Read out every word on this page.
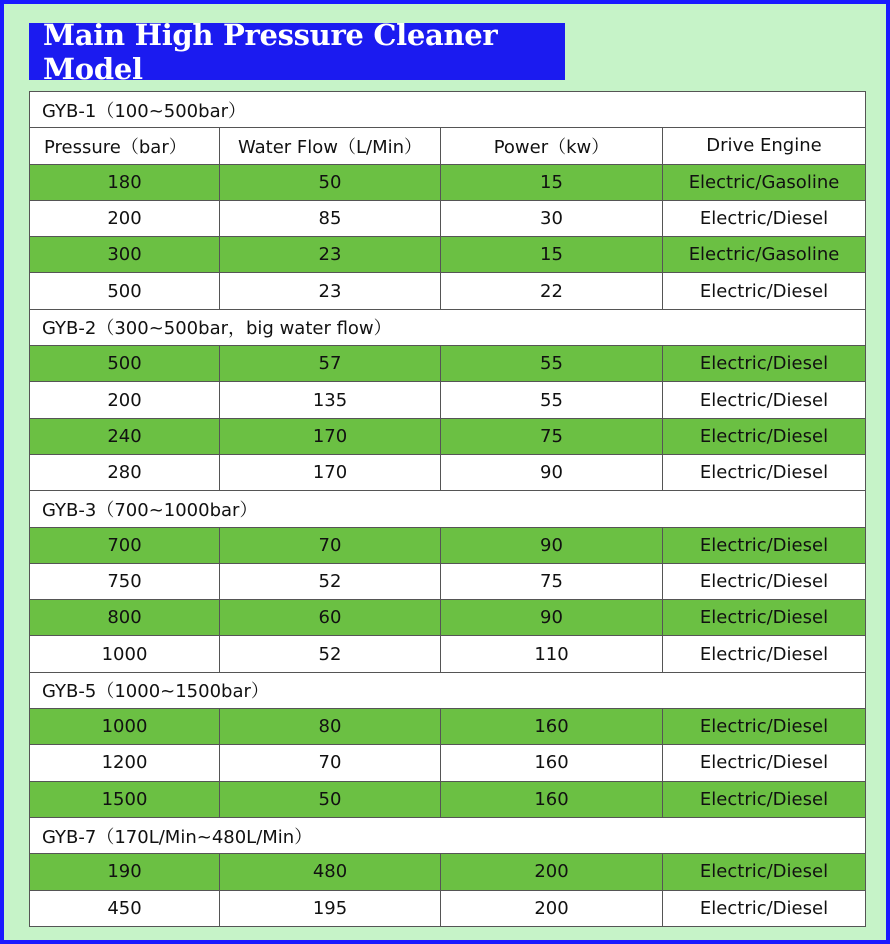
Main High Pressure Cleaner Model
GYB-1（100~500bar）			
Pressure（bar）	Water Flow（L/Min）	Power（kw）	Drive Engine
180	50	15	Electric/Gasoline
200	85	30	Electric/Diesel
300	23	15	Electric/Gasoline
500	23	22	Electric/Diesel
GYB-2（300~500bar，big water flow）			
500	57	55	Electric/Diesel
200	135	55	Electric/Diesel
240	170	75	Electric/Diesel
280	170	90	Electric/Diesel
GYB-3（700~1000bar）			
700	70	90	Electric/Diesel
750	52	75	Electric/Diesel
800	60	90	Electric/Diesel
1000	52	110	Electric/Diesel
GYB-5（1000~1500bar）			
1000	80	160	Electric/Diesel
1200	70	160	Electric/Diesel
1500	50	160	Electric/Diesel
GYB-7（170L/Min~480L/Min）			
190	480	200	Electric/Diesel
450	195	200	Electric/Diesel
